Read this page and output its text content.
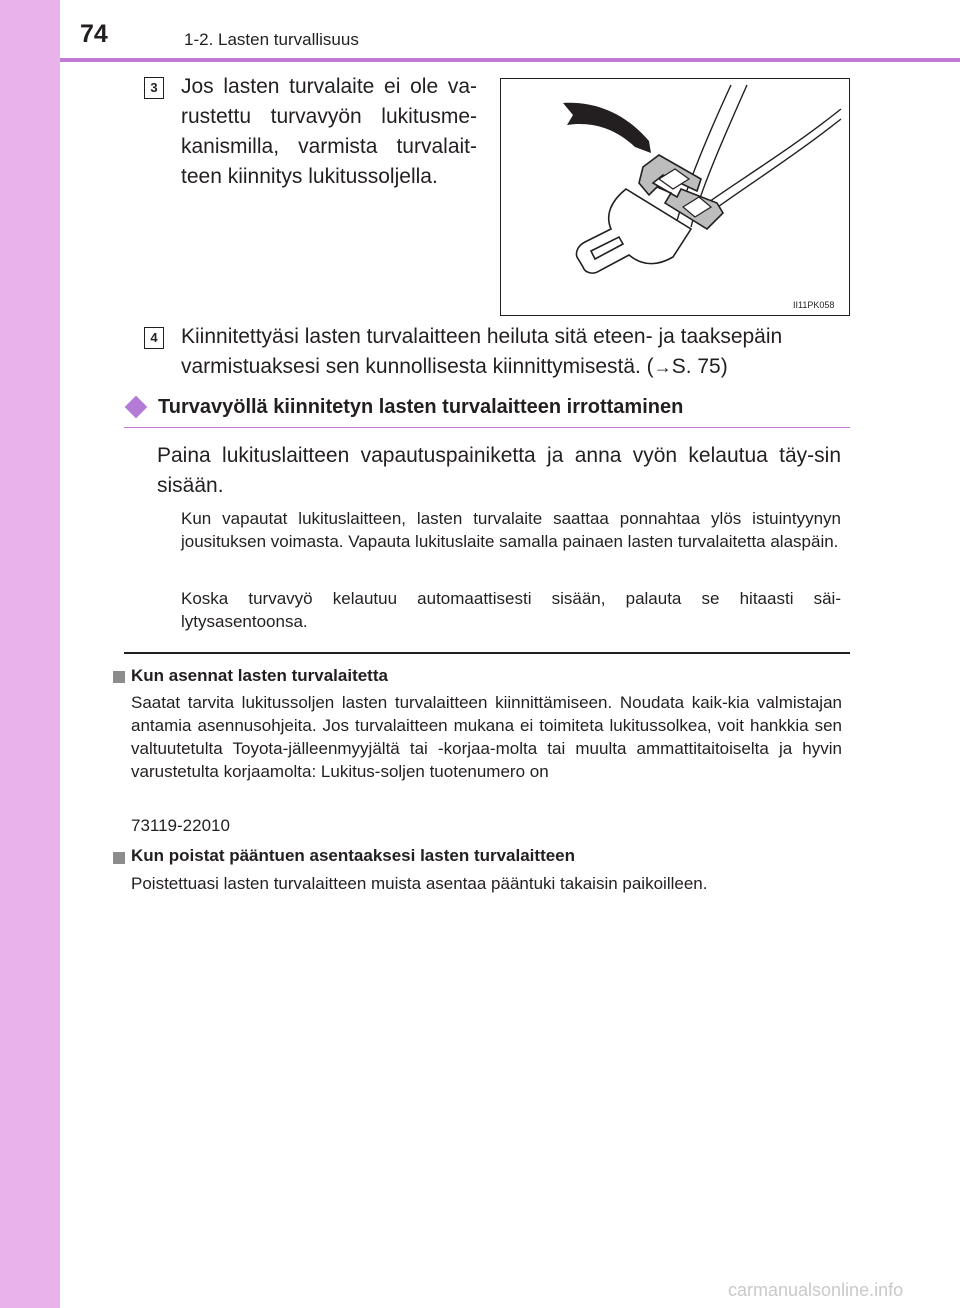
74	1-2. Lasten turvallisuus
3	Jos lasten turvalaite ei ole va-rustettu turvavyön lukitusme-kanismilla, varmista turvalait-teen kiinnitys lukitussoljella.
II11PK058
4	Kiinnitettyäsi lasten turvalaitteen heiluta sitä eteen- ja taaksepäin varmistuaksesi sen kunnollisesta kiinnittymisestä. (→S. 75)
Turvavyöllä kiinnitetyn lasten turvalaitteen irrottaminen
Paina lukituslaitteen vapautuspainiketta ja anna vyön kelautua täy-sin sisään.
Kun vapautat lukituslaitteen, lasten turvalaite saattaa ponnahtaa ylös istuintyynyn jousituksen voimasta. Vapauta lukituslaite samalla painaen lasten turvalaitetta alaspäin.
Koska turvavyö kelautuu automaattisesti sisään, palauta se hitaasti säi-lytysasentoonsa.
Kun asennat lasten turvalaitetta
Saatat tarvita lukitussoljen lasten turvalaitteen kiinnittämiseen. Noudata kaik-kia valmistajan antamia asennusohjeita. Jos turvalaitteen mukana ei toimiteta lukitussolkea, voit hankkia sen valtuutetulta Toyota-jälleenmyyjältä tai -korjaa-molta tai muulta ammattitaitoiselta ja hyvin varustetulta korjaamolta: Lukitus-soljen tuotenumero on
73119-22010
Kun poistat pääntuen asentaaksesi lasten turvalaitteen
Poistettuasi lasten turvalaitteen muista asentaa pääntuki takaisin paikoilleen.
carmanualsonline.info
